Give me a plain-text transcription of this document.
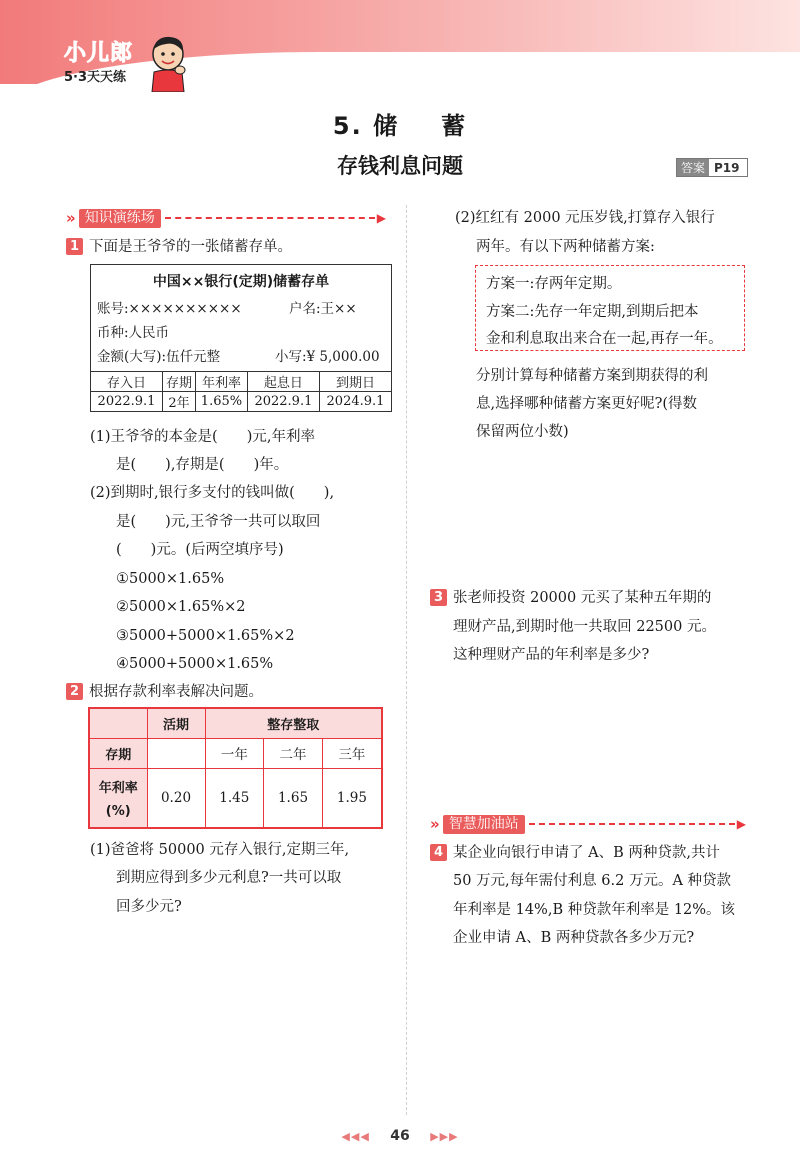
小儿郎
5·3天天练
5. 储 蓄
存钱利息问题	答案 P19
» 知识演练场	▶
1 下面是王爷爷的一张储蓄存单。
中国××银行(定期)储蓄存单
账号:××××××××××	户名:王××
币种:人民币
金额(大写):伍仟元整	小写:¥ 5,000.00
存入日	存期	年利率	起息日	到期日
2022.9.1	2年	1.65%	2022.9.1	2024.9.1
(1)王爷爷的本金是(　　)元,年利率
是(　　),存期是(　　)年。
(2)到期时,银行多支付的钱叫做(　　),
是(　　)元,王爷爷一共可以取回
(　　)元。(后两空填序号)
①5000×1.65%
②5000×1.65%×2
③5000+5000×1.65%×2
④5000+5000×1.65%
2 根据存款利率表解决问题。
	活期	整存整取		
存期		一年	二年	三年

年利率
(%)	0.20	1.45	1.65	1.95
(1)爸爸将 50000 元存入银行,定期三年,
到期应得到多少元利息?一共可以取
回多少元?
(2)红红有 2000 元压岁钱,打算存入银行
两年。有以下两种储蓄方案:
方案一:存两年定期。
方案二:先存一年定期,到期后把本
金和利息取出来合在一起,再存一年。
分别计算每种储蓄方案到期获得的利
息,选择哪种储蓄方案更好呢?(得数
保留两位小数)
3 张老师投资 20000 元买了某种五年期的
理财产品,到期时他一共取回 22500 元。
这种理财产品的年利率是多少?
» 智慧加油站	▶
4 某企业向银行申请了 A、B 两种贷款,共计
50 万元,每年需付利息 6.2 万元。A 种贷款
年利率是 14%,B 种贷款年利率是 12%。该
企业申请 A、B 两种贷款各多少万元?
◀◀◀ 46 ▶▶▶
